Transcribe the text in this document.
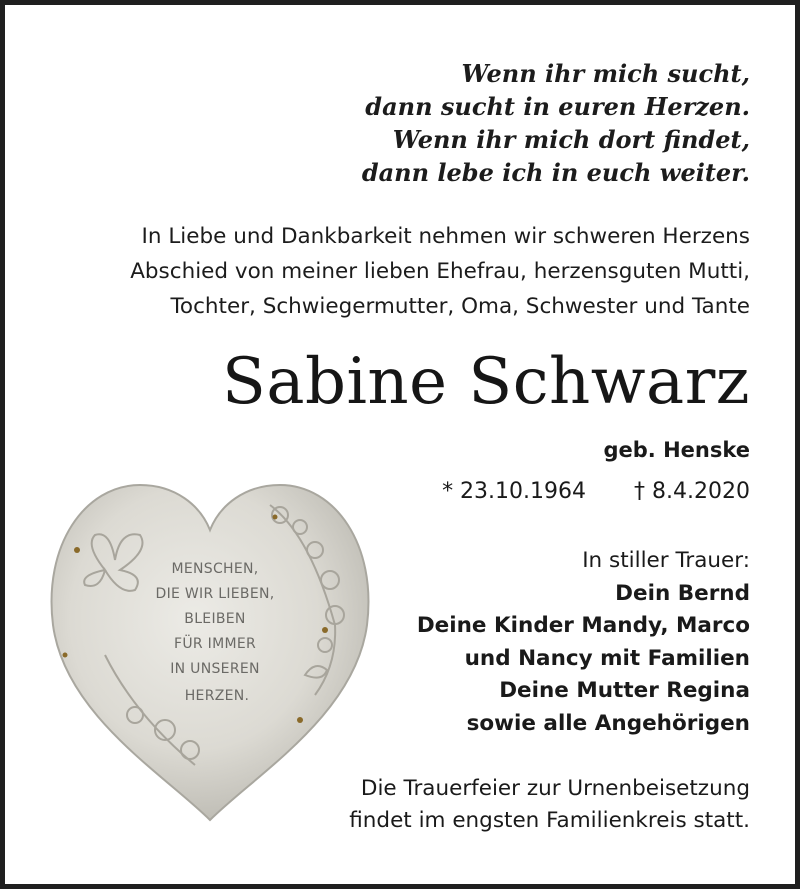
Wenn ihr mich sucht,
dann sucht in euren Herzen.
Wenn ihr mich dort findet,
dann lebe ich in euch weiter.
In Liebe und Dankbarkeit nehmen wir schweren Herzens
Abschied von meiner lieben Ehefrau, herzensguten Mutti,
Tochter, Schwiegermutter, Oma, Schwester und Tante
Sabine Schwarz
geb. Henske
* 23.10.1964 † 8.4.2020
MENSCHEN,
DIE WIR LIEBEN,
BLEIBEN
FÜR IMMER
IN UNSEREN
HERZEN.
In stiller Trauer:
Dein Bernd
Deine Kinder Mandy, Marco
und Nancy mit Familien
Deine Mutter Regina
sowie alle Angehörigen
Die Trauerfeier zur Urnenbeisetzung
findet im engsten Familienkreis statt.
